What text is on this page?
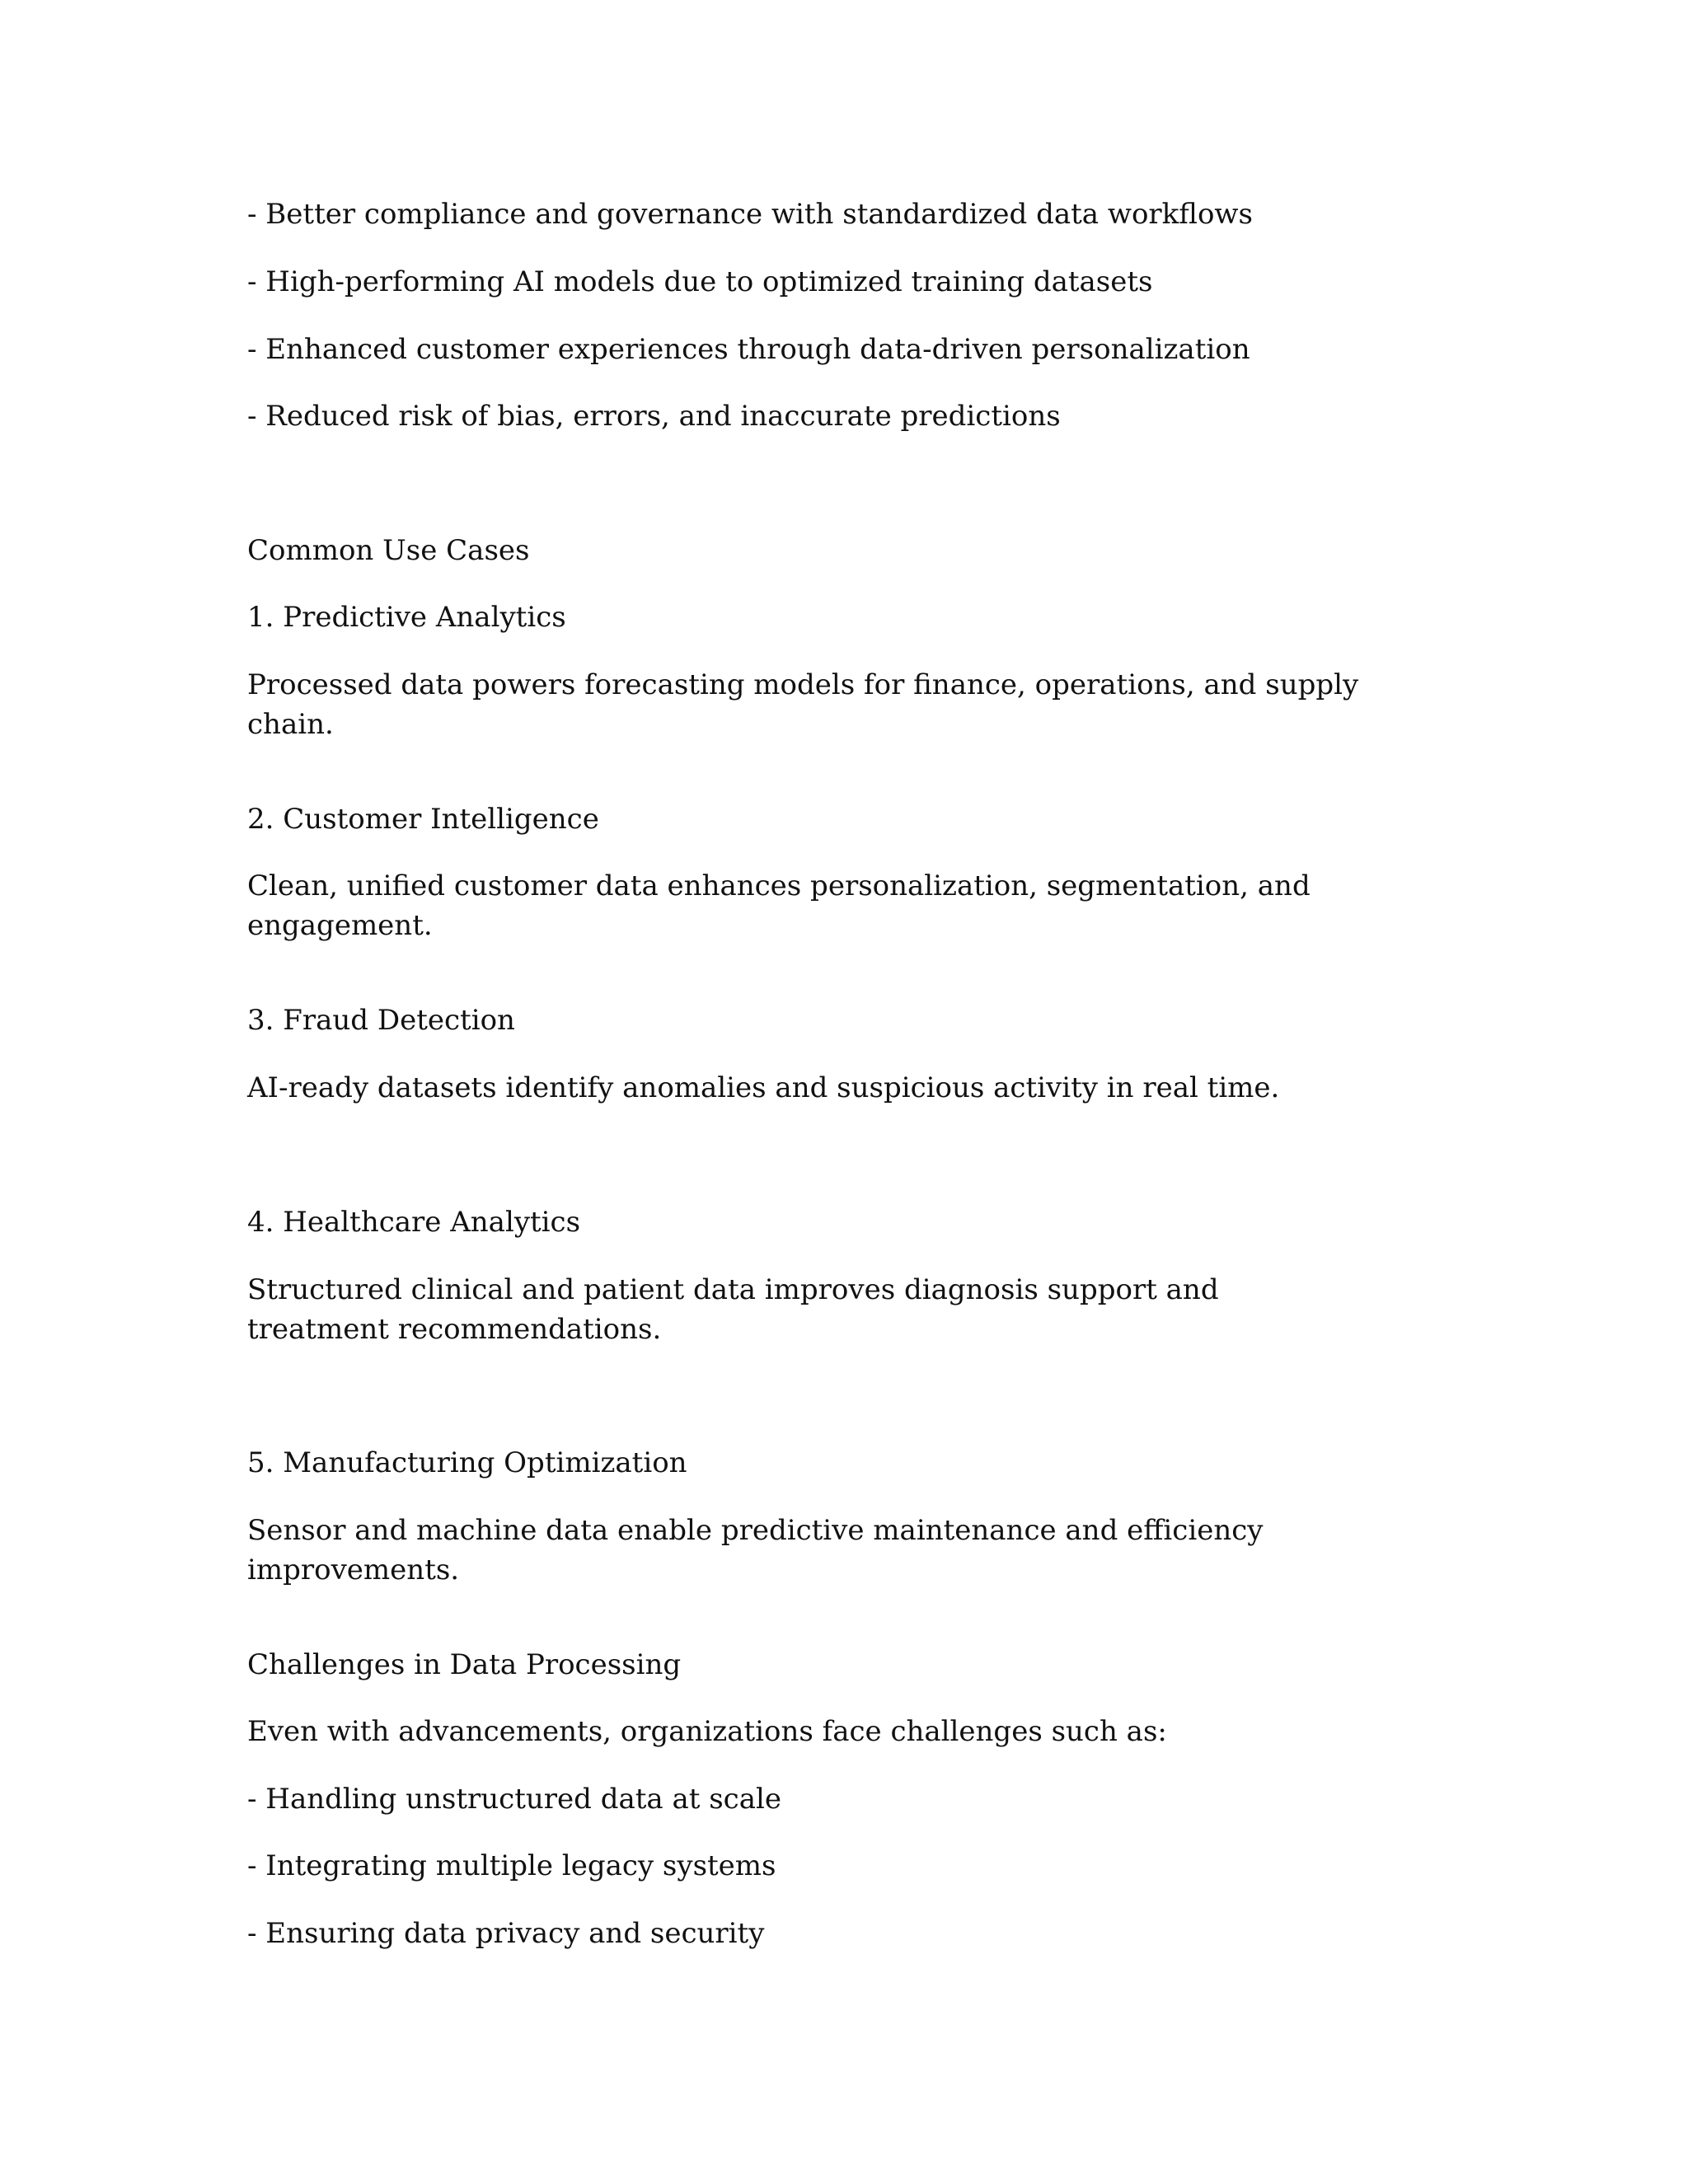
- Better compliance and governance with standardized data workflows

- High-performing AI models due to optimized training datasets

- Enhanced customer experiences through data-driven personalization

- Reduced risk of bias, errors, and inaccurate predictions

Common Use Cases

1. Predictive Analytics

Processed data powers forecasting models for finance, operations, and supply chain.

2. Customer Intelligence

Clean, unified customer data enhances personalization, segmentation, and engagement.

3. Fraud Detection

AI-ready datasets identify anomalies and suspicious activity in real time.

4. Healthcare Analytics

Structured clinical and patient data improves diagnosis support and treatment recommendations.

5. Manufacturing Optimization

Sensor and machine data enable predictive maintenance and efficiency improvements.

Challenges in Data Processing

Even with advancements, organizations face challenges such as:

- Handling unstructured data at scale

- Integrating multiple legacy systems

- Ensuring data privacy and security
